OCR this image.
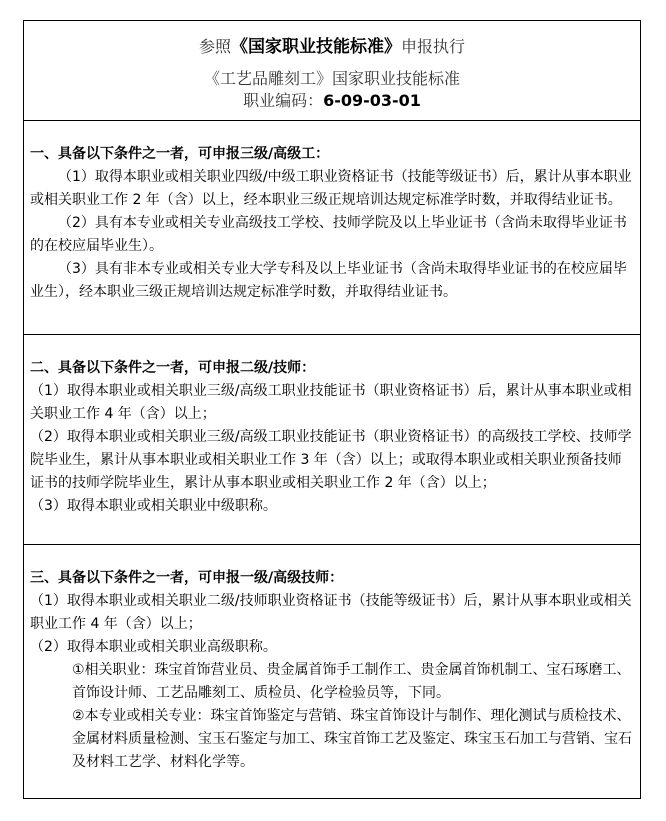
参照《国家职业技能标准》申报执行
《工艺品雕刻工》国家职业技能标准
职业编码：6-09-03-01
一、具备以下条件之一者，可申报三级/高级工：

（1）取得本职业或相关职业四级/中级工职业资格证书（技能等级证书）后，累计从事本职业或相关职业工作 2 年（含）以上，经本职业三级正规培训达规定标准学时数，并取得结业证书。

（2）具有本专业或相关专业高级技工学校、技师学院及以上毕业证书（含尚未取得毕业证书的在校应届毕业生）。

（3）具有非本专业或相关专业大学专科及以上毕业证书（含尚未取得毕业证书的在校应届毕业生），经本职业三级正规培训达规定标准学时数，并取得结业证书。

二、具备以下条件之一者，可申报二级/技师：

（1）取得本职业或相关职业三级/高级工职业技能证书（职业资格证书）后，累计从事本职业或相关职业工作 4 年（含）以上；

（2）取得本职业或相关职业三级/高级工职业技能证书（职业资格证书）的高级技工学校、技师学院毕业生，累计从事本职业或相关职业工作 3 年（含）以上；或取得本职业或相关职业预备技师证书的技师学院毕业生，累计从事本职业或相关职业工作 2 年（含）以上；

（3）取得本职业或相关职业中级职称。

三、具备以下条件之一者，可申报一级/高级技师：

（1）取得本职业或相关职业二级/技师职业资格证书（技能等级证书）后，累计从事本职业或相关职业工作 4 年（含）以上；

（2）取得本职业或相关职业高级职称。

①相关职业：珠宝首饰营业员、贵金属首饰手工制作工、贵金属首饰机制工、宝石琢磨工、首饰设计师、工艺品雕刻工、质检员、化学检验员等，下同。

②本专业或相关专业：珠宝首饰鉴定与营销、珠宝首饰设计与制作、理化测试与质检技术、金属材料质量检测、宝玉石鉴定与加工、珠宝首饰工艺及鉴定、珠宝玉石加工与营销、宝石及材料工艺学、材料化学等。
